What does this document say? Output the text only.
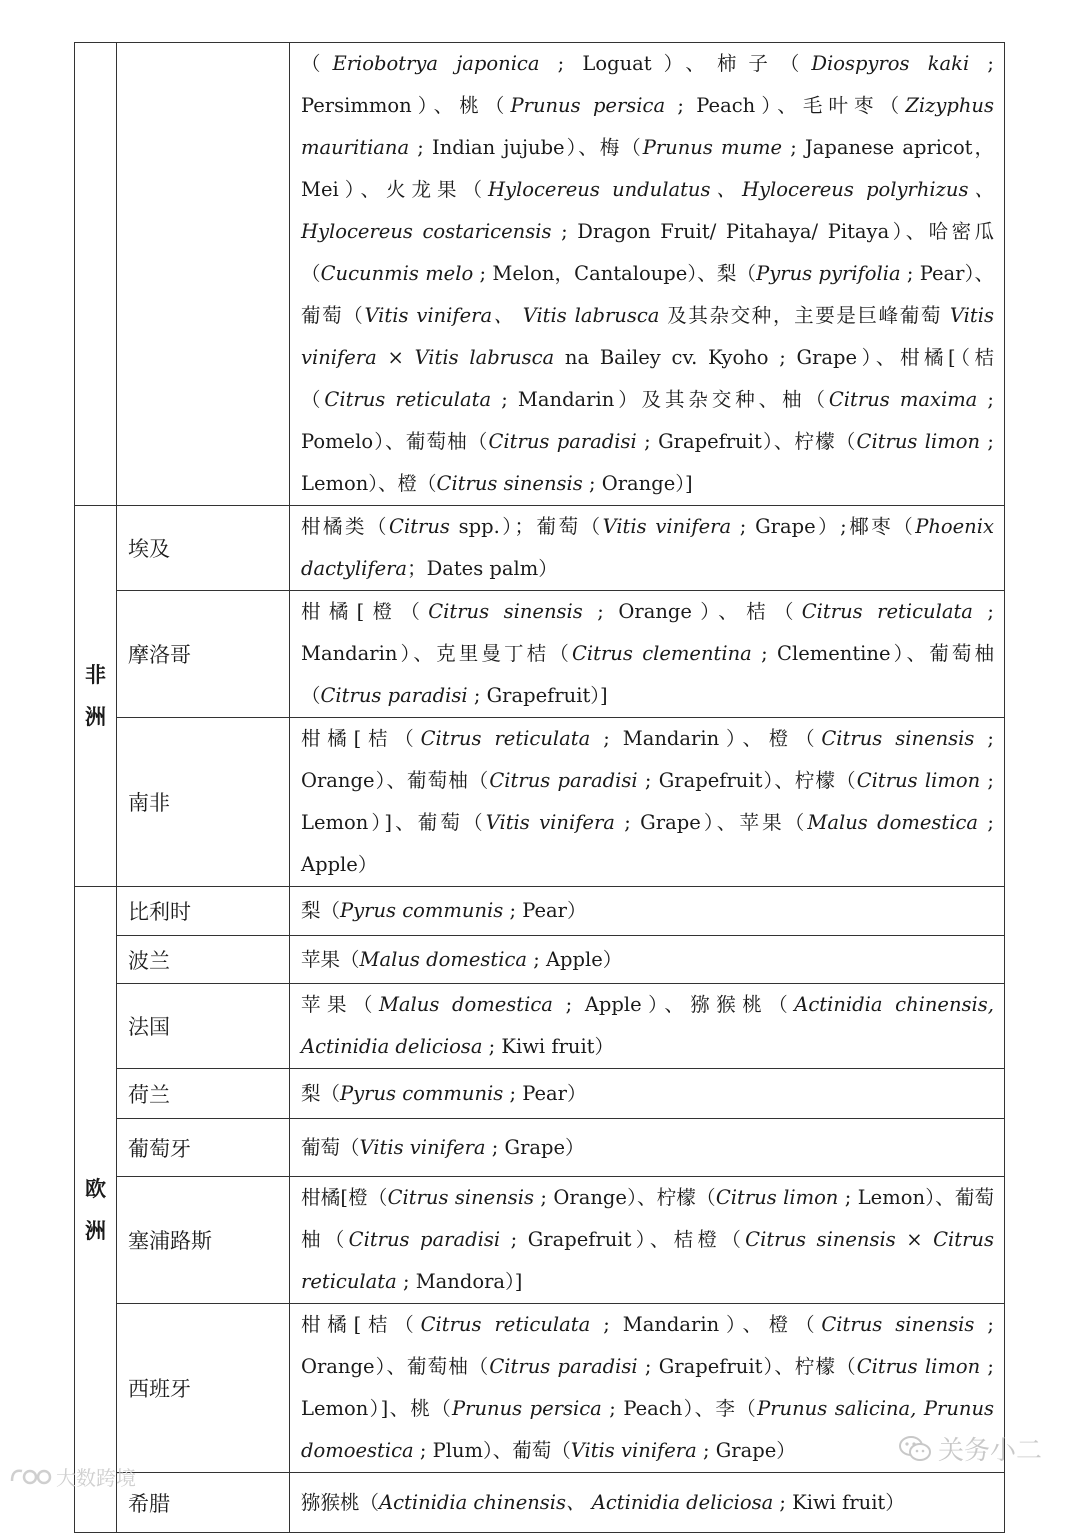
		（Eriobotrya japonica ; Loguat）、柿子（Diospyros kaki ; Persimmon）、桃（Prunus persica ; Peach）、毛叶枣（Zizyphus mauritiana ; Indian jujube）、梅（Prunus mume ; Japanese apricot，Mei）、火龙果（Hylocereus undulatus、Hylocereus polyrhizus、 Hylocereus costaricensis ; Dragon Fruit/ Pitahaya/ Pitaya）、哈密瓜（Cucunmis melo ; Melon，Cantaloupe）、梨（Pyrus pyrifolia ; Pear）、葡萄（Vitis vinifera、 Vitis labrusca 及其杂交种，主要是巨峰葡萄 Vitis vinifera × Vitis labrusca na Bailey cv. Kyoho ; Grape）、柑橘[（桔（Citrus reticulata ; Mandarin）及其杂交种、柚（Citrus maxima ; Pomelo）、葡萄柚（Citrus paradisi ; Grapefruit）、柠檬（Citrus limon ; Lemon）、橙（Citrus sinensis ; Orange）]
非洲	埃及	柑橘类（Citrus spp.）；葡萄（Vitis vinifera ; Grape）;椰枣（Phoenix dactylifera；Dates palm）
	摩洛哥	柑橘[橙（Citrus sinensis ; Orange）、桔（Citrus reticulata ; Mandarin）、克里曼丁桔（Citrus clementina ; Clementine）、葡萄柚（Citrus paradisi ; Grapefruit）]
	南非	柑橘[桔（Citrus reticulata ; Mandarin）、橙（Citrus sinensis ; Orange）、葡萄柚（Citrus paradisi ; Grapefruit）、柠檬（Citrus limon ; Lemon）]、葡萄（Vitis vinifera ; Grape）、苹果（Malus domestica ; Apple）
欧洲	比利时	梨（Pyrus communis ; Pear）
	波兰	苹果（Malus domestica ; Apple）
	法国	苹果（Malus domestica ; Apple）、猕猴桃（Actinidia chinensis, Actinidia deliciosa ; Kiwi fruit）
	荷兰	梨（Pyrus communis ; Pear）
	葡萄牙	葡萄（Vitis vinifera ; Grape）
	塞浦路斯	柑橘[橙（Citrus sinensis ; Orange）、柠檬（Citrus limon ; Lemon）、葡萄柚（Citrus paradisi ; Grapefruit）、桔橙（Citrus sinensis × Citrus reticulata ; Mandora）]
	西班牙	柑橘[桔（Citrus reticulata ; Mandarin）、橙（Citrus sinensis ; Orange）、葡萄柚（Citrus paradisi ; Grapefruit）、柠檬（Citrus limon ; Lemon）]、桃（Prunus persica ; Peach）、李（Prunus salicina, Prunus domoestica ; Plum）、葡萄（Vitis vinifera ; Grape）
	希腊	猕猴桃（Actinidia chinensis、 Actinidia deliciosa ; Kiwi fruit）
关务小二
大数跨境
